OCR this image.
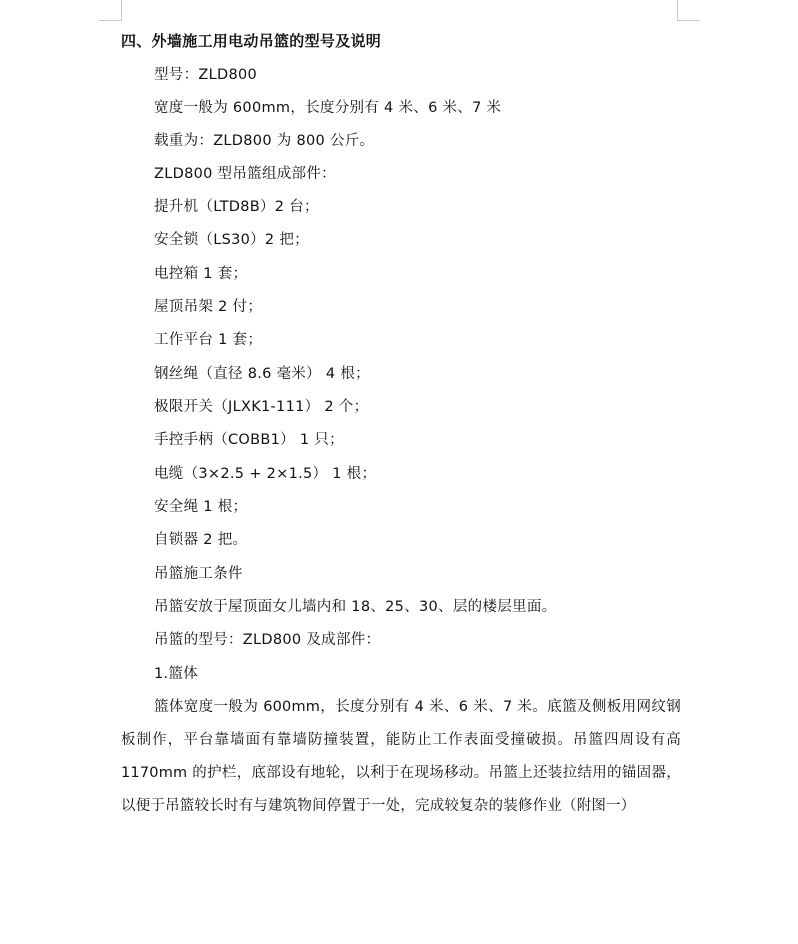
四、外墙施工用电动吊篮的型号及说明
型号：ZLD800
宽度一般为 600mm，长度分别有 4 米、6 米、7 米
载重为：ZLD800 为 800 公斤。
ZLD800 型吊篮组成部件：
提升机（LTD8B）2 台；
安全锁（LS30）2 把；
电控箱 1 套；
屋顶吊架 2 付；
工作平台 1 套；
钢丝绳（直径 8.6 毫米） 4 根；
极限开关（JLXK1-111） 2 个；
手控手柄（COBB1） 1 只；
电缆（3×2.5 + 2×1.5） 1 根；
安全绳 1 根；
自锁器 2 把。
吊篮施工条件
吊篮安放于屋顶面女儿墙内和 18、25、30、层的楼层里面。
吊篮的型号：ZLD800 及成部件：
1.篮体
篮体宽度一般为 600mm，长度分别有 4 米、6 米、7 米。底篮及侧板用网纹钢板制作，平台靠墙面有靠墙防撞装置，能防止工作表面受撞破损。吊篮四周设有高 1170mm 的护栏，底部设有地轮，以利于在现场移动。吊篮上还装拉结用的锚固器，以便于吊篮较长时有与建筑物间停置于一处，完成较复杂的装修作业（附图一）
